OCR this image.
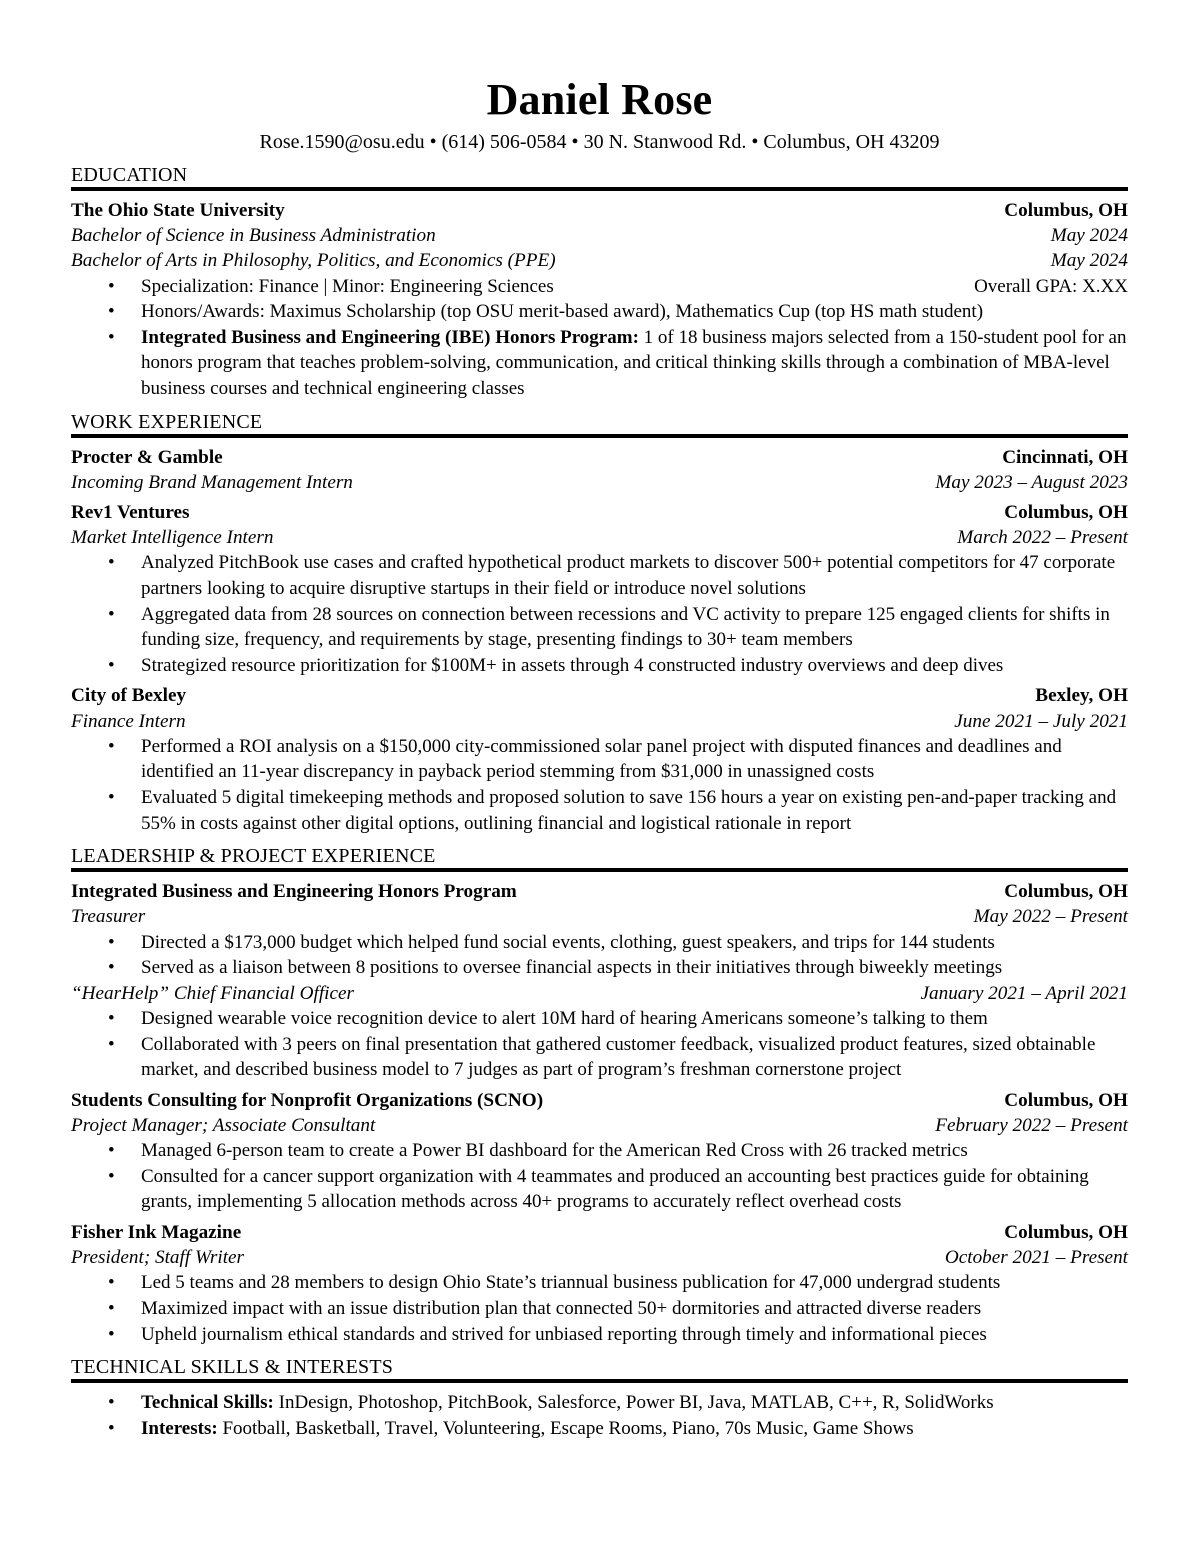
Daniel Rose
Rose.1590@osu.edu • (614) 506-0584 • 30 N. Stanwood Rd. • Columbus, OH 43209
EDUCATION
The Ohio State University	Columbus, OH
Bachelor of Science in Business Administration	May 2024
Bachelor of Arts in Philosophy, Politics, and Economics (PPE)	May 2024
• Specialization: Finance | Minor: Engineering Sciences	Overall GPA: X.XX
• Honors/Awards: Maximus Scholarship (top OSU merit-based award), Mathematics Cup (top HS math student)
• Integrated Business and Engineering (IBE) Honors Program: 1 of 18 business majors selected from a 150-student pool for an honors program that teaches problem-solving, communication, and critical thinking skills through a combination of MBA-level business courses and technical engineering classes
WORK EXPERIENCE
Procter & Gamble	Cincinnati, OH
Incoming Brand Management Intern	May 2023 – August 2023
Rev1 Ventures	Columbus, OH
Market Intelligence Intern	March 2022 – Present
• Analyzed PitchBook use cases and crafted hypothetical product markets to discover 500+ potential competitors for 47 corporate partners looking to acquire disruptive startups in their field or introduce novel solutions
• Aggregated data from 28 sources on connection between recessions and VC activity to prepare 125 engaged clients for shifts in funding size, frequency, and requirements by stage, presenting findings to 30+ team members
• Strategized resource prioritization for $100M+ in assets through 4 constructed industry overviews and deep dives
City of Bexley	Bexley, OH
Finance Intern	June 2021 – July 2021
• Performed a ROI analysis on a $150,000 city-commissioned solar panel project with disputed finances and deadlines and identified an 11-year discrepancy in payback period stemming from $31,000 in unassigned costs
• Evaluated 5 digital timekeeping methods and proposed solution to save 156 hours a year on existing pen-and-paper tracking and 55% in costs against other digital options, outlining financial and logistical rationale in report
LEADERSHIP & PROJECT EXPERIENCE
Integrated Business and Engineering Honors Program	Columbus, OH
Treasurer	May 2022 – Present
• Directed a $173,000 budget which helped fund social events, clothing, guest speakers, and trips for 144 students
• Served as a liaison between 8 positions to oversee financial aspects in their initiatives through biweekly meetings
“HearHelp” Chief Financial Officer	January 2021 – April 2021
• Designed wearable voice recognition device to alert 10M hard of hearing Americans someone’s talking to them
• Collaborated with 3 peers on final presentation that gathered customer feedback, visualized product features, sized obtainable market, and described business model to 7 judges as part of program’s freshman cornerstone project
Students Consulting for Nonprofit Organizations (SCNO)	Columbus, OH
Project Manager; Associate Consultant	February 2022 – Present
• Managed 6-person team to create a Power BI dashboard for the American Red Cross with 26 tracked metrics
• Consulted for a cancer support organization with 4 teammates and produced an accounting best practices guide for obtaining grants, implementing 5 allocation methods across 40+ programs to accurately reflect overhead costs
Fisher Ink Magazine	Columbus, OH
President; Staff Writer	October 2021 – Present
• Led 5 teams and 28 members to design Ohio State’s triannual business publication for 47,000 undergrad students
• Maximized impact with an issue distribution plan that connected 50+ dormitories and attracted diverse readers
• Upheld journalism ethical standards and strived for unbiased reporting through timely and informational pieces
TECHNICAL SKILLS & INTERESTS
• Technical Skills: InDesign, Photoshop, PitchBook, Salesforce, Power BI, Java, MATLAB, C++, R, SolidWorks
• Interests: Football, Basketball, Travel, Volunteering, Escape Rooms, Piano, 70s Music, Game Shows
